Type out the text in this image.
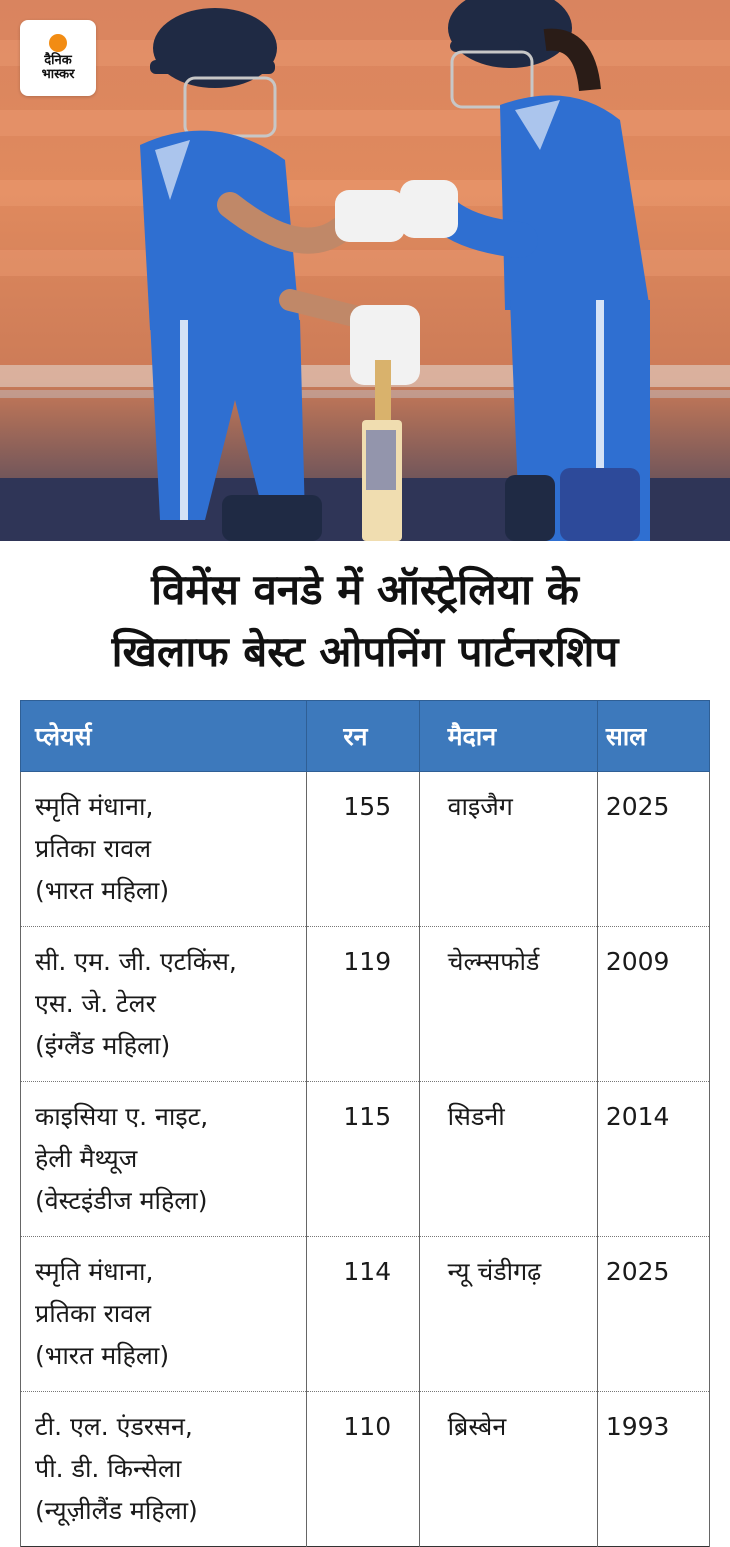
दैनिक
भास्कर
विमेंस वनडे में ऑस्ट्रेलिया के
खिलाफ बेस्ट ओपनिंग पार्टनरशिप
प्लेयर्स	रन	मैदान	साल

स्मृति मंधाना,
प्रतिका रावल
(भारत महिला)	155	वाइजैग	2025

सी. एम. जी. एटकिंस,
एस. जे. टेलर
(इंग्लैंड महिला)	119	चेल्म्सफोर्ड	2009

काइसिया ए. नाइट,
हेली मैथ्यूज
(वेस्टइंडीज महिला)	115	सिडनी	2014

स्मृति मंधाना,
प्रतिका रावल
(भारत महिला)	114	न्यू चंडीगढ़	2025

टी. एल. एंडरसन,
पी. डी. किन्सेला
(न्यूज़ीलैंड महिला)	110	ब्रिस्बेन	1993
